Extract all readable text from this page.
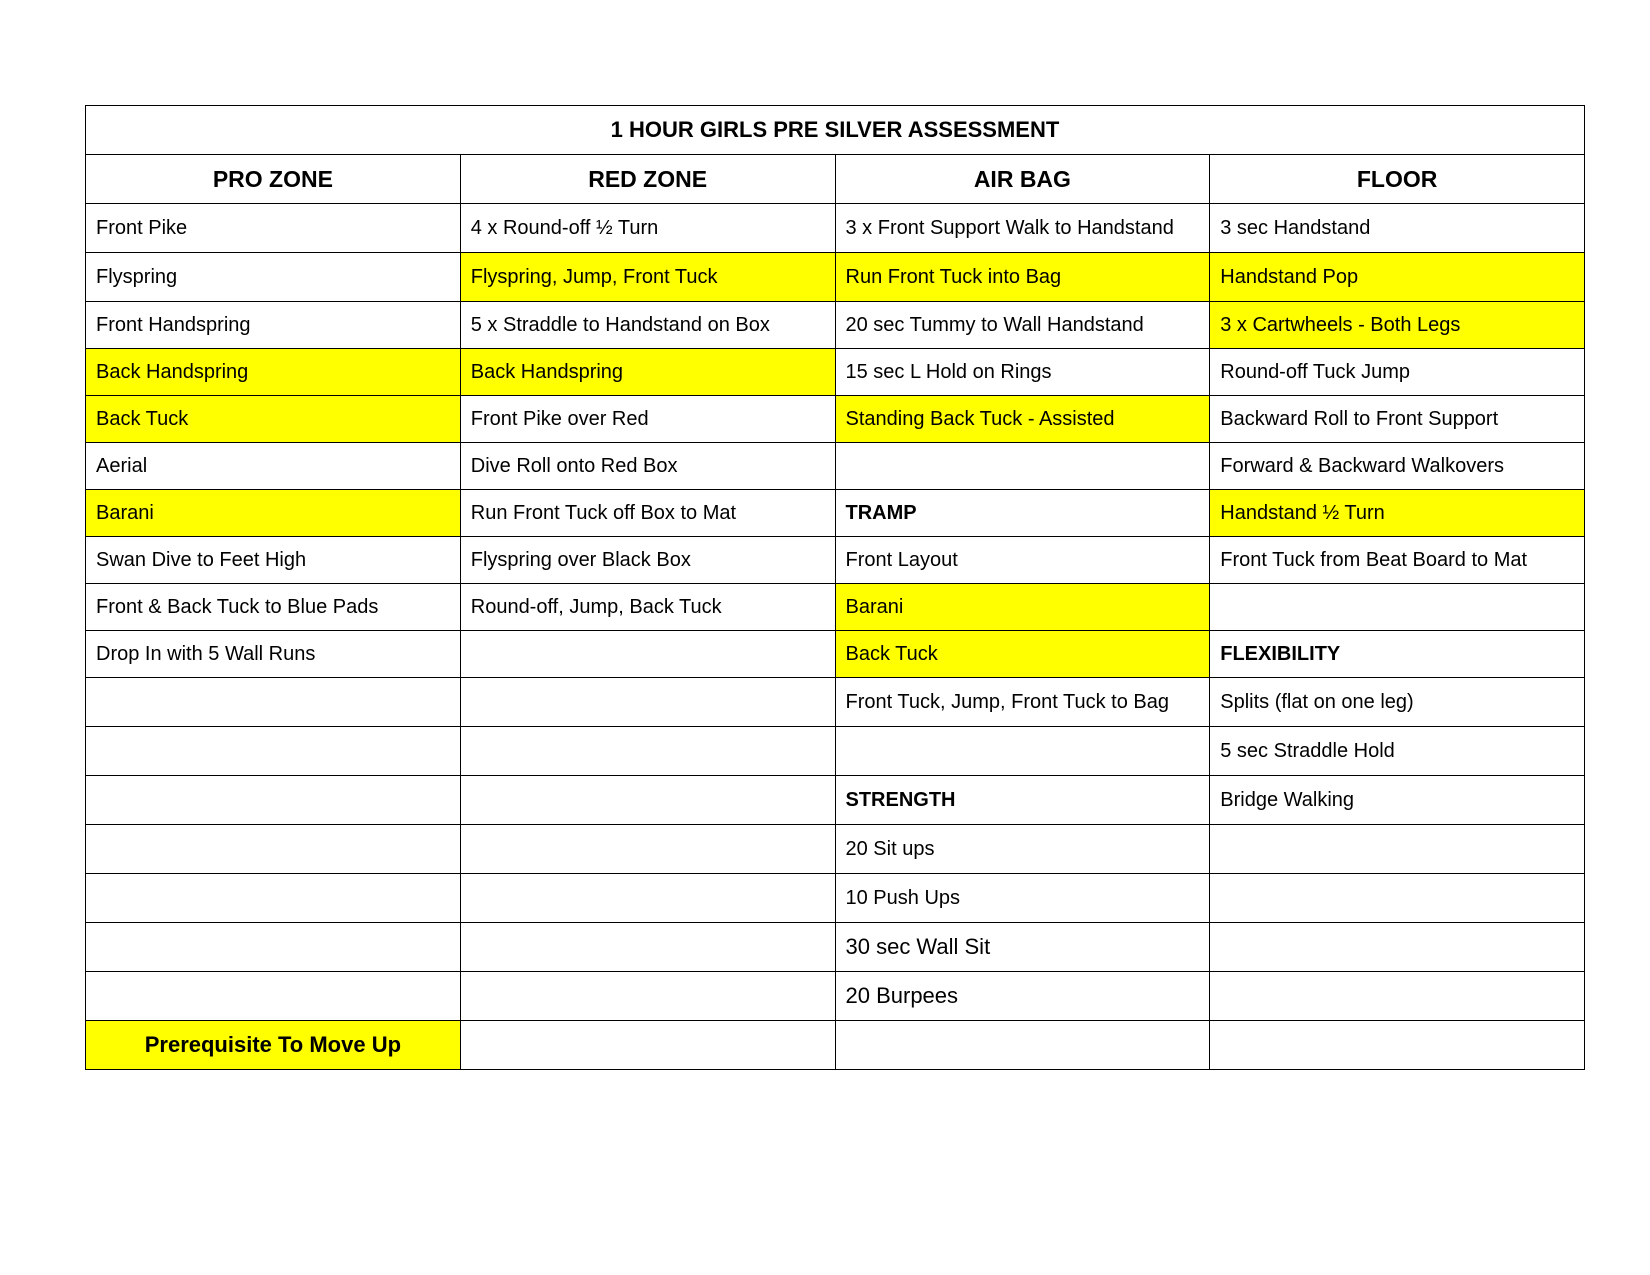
1 HOUR GIRLS PRE SILVER ASSESSMENT			
PRO ZONE	RED ZONE	AIR BAG	FLOOR
Front Pike	4 x Round-off ½ Turn	3 x Front Support Walk to Handstand	3 sec Handstand
Flyspring	Flyspring, Jump, Front Tuck	Run Front Tuck into Bag	Handstand Pop
Front Handspring	5 x Straddle to Handstand on Box	20 sec Tummy to Wall Handstand	3 x Cartwheels - Both Legs
Back Handspring	Back Handspring	15 sec L Hold on Rings	Round-off Tuck Jump
Back Tuck	Front Pike over Red	Standing Back Tuck - Assisted	Backward Roll to Front Support
Aerial	Dive Roll onto Red Box		Forward & Backward Walkovers
Barani	Run Front Tuck off Box to Mat	TRAMP	Handstand ½ Turn
Swan Dive to Feet High	Flyspring over Black Box	Front Layout	Front Tuck from Beat Board to Mat
Front & Back Tuck to Blue Pads	Round-off, Jump, Back Tuck	Barani	
Drop In with 5 Wall Runs		Back Tuck	FLEXIBILITY
		Front Tuck, Jump, Front Tuck to Bag	Splits (flat on one leg)
			5 sec Straddle Hold
		STRENGTH	Bridge Walking
		20 Sit ups	
		10 Push Ups	
		30 sec Wall Sit	
		20 Burpees	
Prerequisite To Move Up			
